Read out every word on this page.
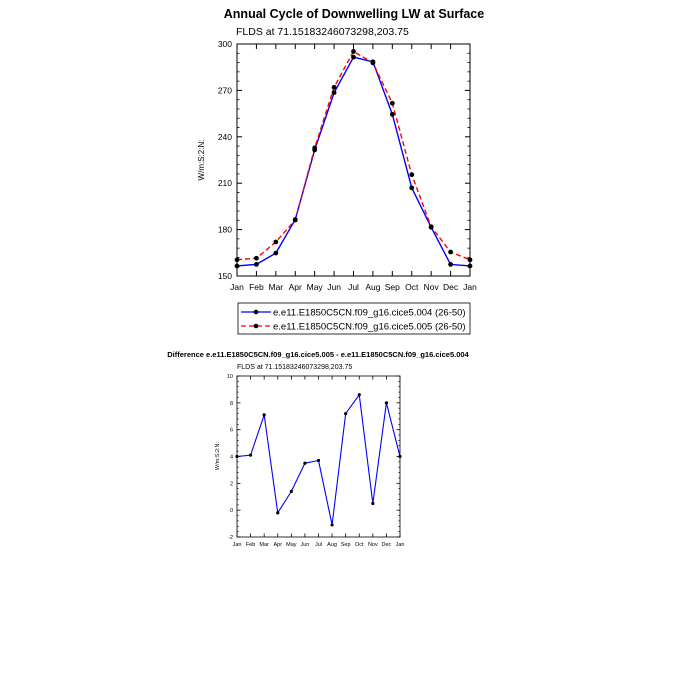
Annual Cycle of Downwelling LW at Surface
FLDS at 71.15183246073298,203.75
W/m:S:2:N:
150
180
210
240
270
300
Jan Feb Mar Apr May Jun Jul Aug Sep Oct Nov Dec Jan
e.e11.E1850C5CN.f09_g16.cice5.004 (26-50)
e.e11.E1850C5CN.f09_g16.cice5.005 (26-50)
Difference e.e11.E1850C5CN.f09_g16.cice5.005 - e.e11.E1850C5CN.f09_g16.cice5.004
FLDS at 71.15183246073298,203.75
W/m:S:2:N:
-2
0
2
4
6
8
10
Jan Feb Mar Apr May Jun Jul Aug Sep Oct Nov Dec Jan
